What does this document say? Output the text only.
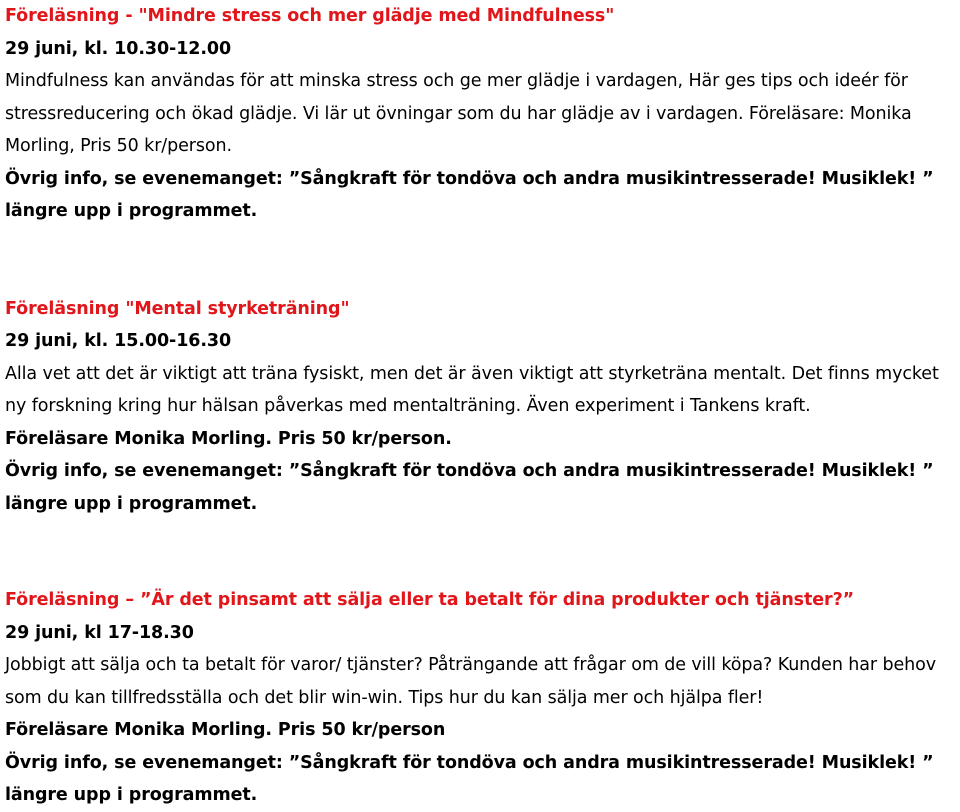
Föreläsning - "Mindre stress och mer glädje med Mindfulness"
29 juni, kl. 10.30-12.00
Mindfulness kan användas för att minska stress och ge mer glädje i vardagen, Här ges tips och ideér för stressreducering och ökad glädje. Vi lär ut övningar som du har glädje av i vardagen. Föreläsare: Monika Morling, Pris 50 kr/person.
Övrig info, se evenemanget: ”Sångkraft för tondöva och andra musikintresserade! Musiklek! ”
längre upp i programmet.
Föreläsning "Mental styrketräning"
29 juni, kl. 15.00-16.30
Alla vet att det är viktigt att träna fysiskt, men det är även viktigt att styrketräna mentalt. Det finns mycket ny forskning kring hur hälsan påverkas med mentalträning. Även experiment i Tankens kraft.
Föreläsare Monika Morling. Pris 50 kr/person.
Övrig info, se evenemanget: ”Sångkraft för tondöva och andra musikintresserade! Musiklek! ”
längre upp i programmet.
Föreläsning – ”Är det pinsamt att sälja eller ta betalt för dina produkter och tjänster?”
29 juni, kl 17-18.30
Jobbigt att sälja och ta betalt för varor/ tjänster? Påträngande att frågar om de vill köpa? Kunden har behov som du kan tillfredsställa och det blir win-win. Tips hur du kan sälja mer och hjälpa fler!
Föreläsare Monika Morling. Pris 50 kr/person
Övrig info, se evenemanget: ”Sångkraft för tondöva och andra musikintresserade! Musiklek! ”
längre upp i programmet.
